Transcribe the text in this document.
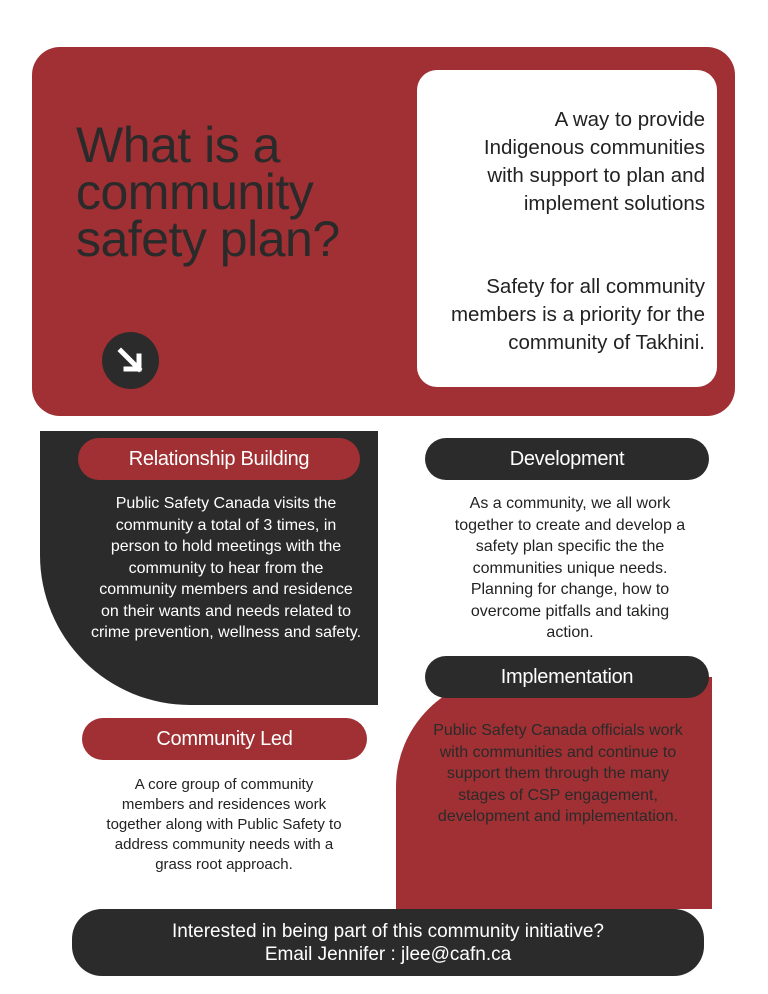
What is a community safety plan?
A way to provide Indigenous communities with support to plan and implement solutions
Safety for all community members is a priority for the community of Takhini.
Relationship Building
Public Safety Canada visits the community a total of 3 times, in person to hold meetings with the community to hear from the community members and residence on their wants and needs related to crime prevention, wellness and safety.
Development
As a community, we all work together to create and develop a safety plan specific the the communities unique needs. Planning for change, how to overcome pitfalls and taking action.
Implementation
Public Safety Canada officials work with communities and continue to support them through the many stages of CSP engagement, development and implementation.
Community Led
A core group of community members and residences work together along with Public Safety to address community needs with a grass root approach.
Interested in being part of this community initiative?
Email Jennifer : jlee@cafn.ca
